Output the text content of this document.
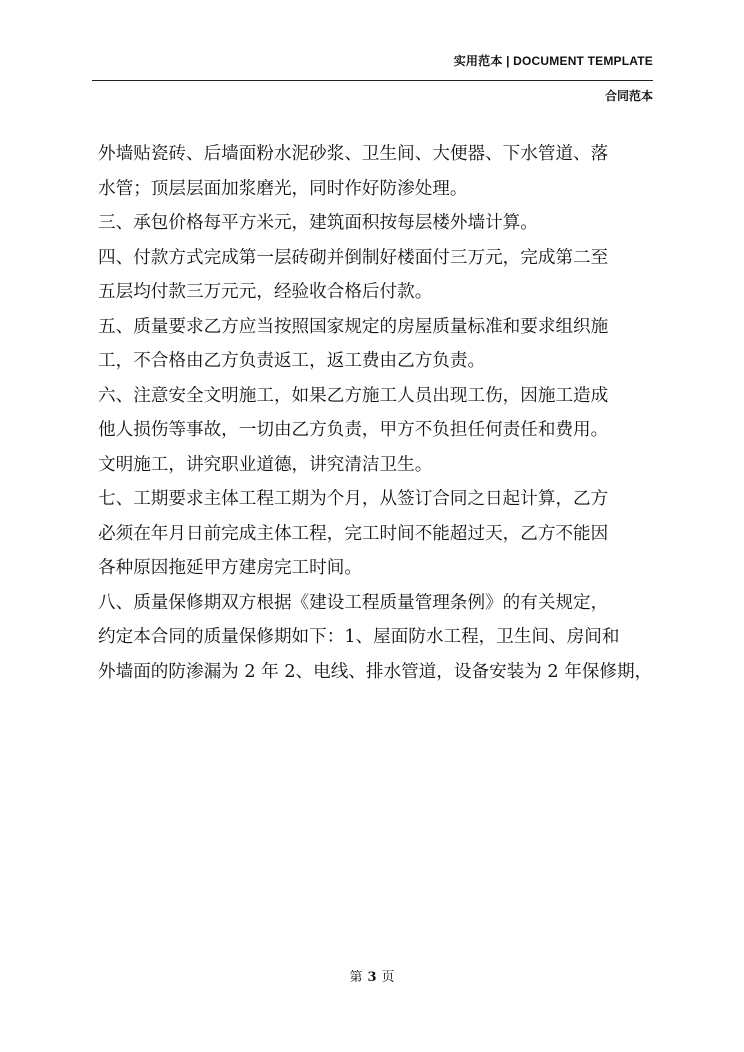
实用范本 | DOCUMENT TEMPLATE
合同范本
外墙贴瓷砖、后墙面粉水泥砂浆、卫生间、大便器、下水管道、落
水管；顶层层面加浆磨光，同时作好防渗处理。
三、承包价格每平方米元，建筑面积按每层楼外墙计算。
四、付款方式完成第一层砖砌并倒制好楼面付三万元，完成第二至
五层均付款三万元元，经验收合格后付款。
五、质量要求乙方应当按照国家规定的房屋质量标准和要求组织施
工，不合格由乙方负责返工，返工费由乙方负责。
六、注意安全文明施工，如果乙方施工人员出现工伤，因施工造成
他人损伤等事故，一切由乙方负责，甲方不负担任何责任和费用。
文明施工，讲究职业道德，讲究清洁卫生。
七、工期要求主体工程工期为个月，从签订合同之日起计算，乙方
必须在年月日前完成主体工程，完工时间不能超过天，乙方不能因
各种原因拖延甲方建房完工时间。
八、质量保修期双方根据《建设工程质量管理条例》的有关规定，
约定本合同的质量保修期如下：1、屋面防水工程，卫生间、房间和
外墙面的防渗漏为 2 年 2、电线、排水管道，设备安装为 2 年保修期，
第 3 页
